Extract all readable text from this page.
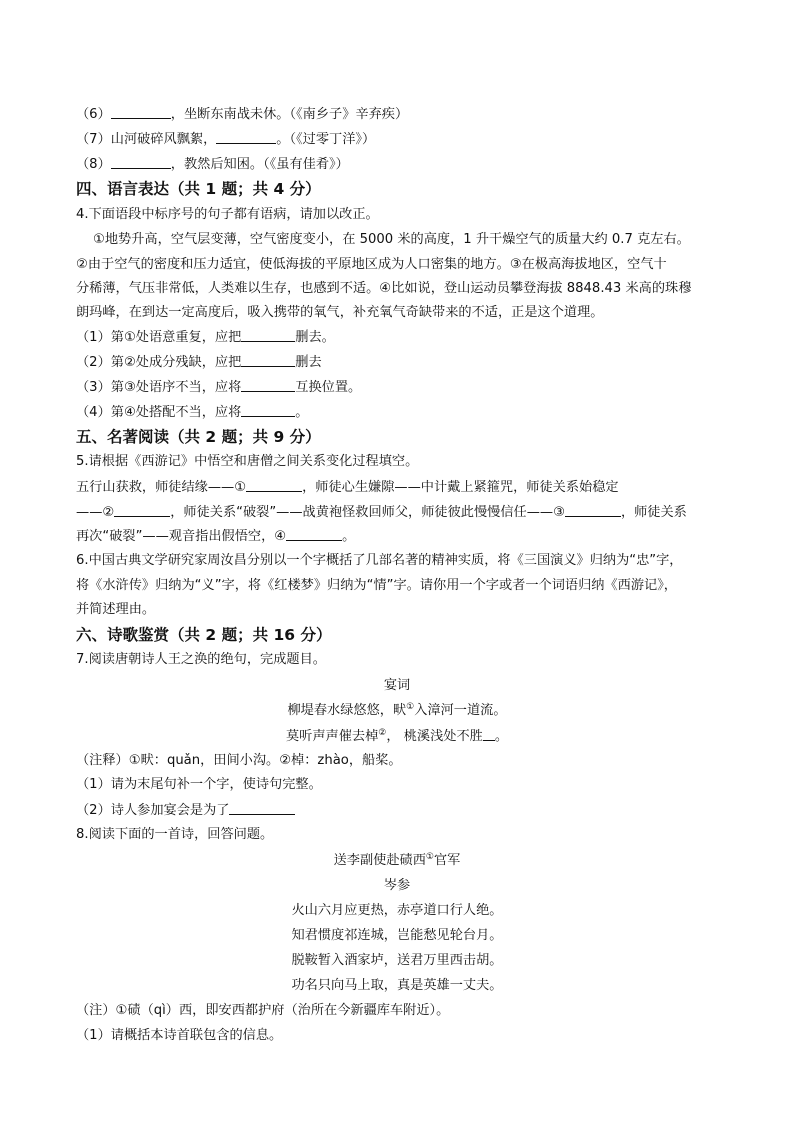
（6）	，坐断东南战未休。（《南乡子》辛弃疾）
（7）山河破碎风飘絮，	。（《过零丁洋》）
（8）	，教然后知困。（《虽有佳肴》）
四、语言表达（共 1 题；共 4 分）
4.下面语段中标序号的句子都有语病，请加以改正。
①地势升高，空气层变薄，空气密度变小，在 5000 米的高度，1 升干燥空气的质量大约 0.7 克左右。
②由于空气的密度和压力适宜，使低海拔的平原地区成为人口密集的地方。③在极高海拔地区，空气十
分稀薄，气压非常低，人类难以生存，也感到不适。④比如说，登山运动员攀登海拔 8848.43 米高的珠穆
朗玛峰，在到达一定高度后，吸入携带的氧气，补充氧气奇缺带来的不适，正是这个道理。
（1）第①处语意重复，应把	删去。
（2）第②处成分残缺，应把	删去
（3）第③处语序不当，应将	互换位置。
（4）第④处搭配不当，应将	。
五、名著阅读（共 2 题；共 9 分）
5.请根据《西游记》中悟空和唐僧之间关系变化过程填空。
五行山获救，师徒结缘——①	，师徒心生嫌隙——中计戴上紧箍咒，师徒关系始稳定
——②	，师徒关系“破裂”——战黄袍怪救回师父，师徒彼此慢慢信任——③	，师徒关系
再次“破裂”——观音指出假悟空，④	。
6.中国古典文学研究家周汝昌分别以一个字概括了几部名著的精神实质，将《三国演义》归纳为“忠”字，
将《水浒传》归纳为“义”字，将《红楼梦》归纳为“情”字。请你用一个字或者一个词语归纳《西游记》，
并简述理由。
六、诗歌鉴赏（共 2 题；共 16 分）
7.阅读唐朝诗人王之涣的绝句，完成题目。
宴词
柳堤春水绿悠悠，畎①入漳河一道流。
莫听声声催去棹②， 桃溪浅处不胜 。
（注释）①畎：quǎn，田间小沟。②棹：zhào，船桨。
（1）请为末尾句补一个字，使诗句完整。
（2）诗人参加宴会是为了
8.阅读下面的一首诗，回答问题。
送李副使赴碛西①官军
岑参
火山六月应更热，赤亭道口行人绝。
知君惯度祁连城，岂能愁见轮台月。
脱鞍暂入酒家垆，送君万里西击胡。
功名只向马上取，真是英雄一丈夫。
（注）①碛（qì）西，即安西都护府（治所在今新疆库车附近）。
（1）请概括本诗首联包含的信息。
